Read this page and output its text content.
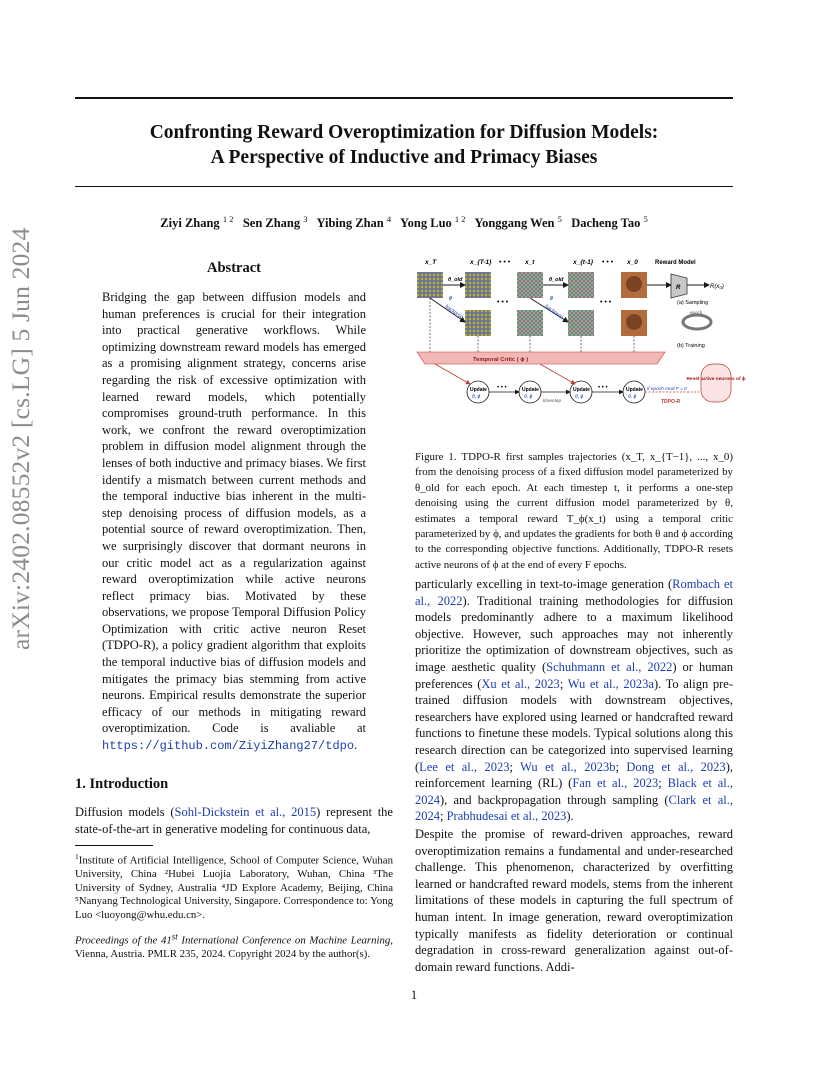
arXiv:2402.08552v2 [cs.LG] 5 Jun 2024
Confronting Reward Overoptimization for Diffusion Models:
A Perspective of Inductive and Primacy Biases
Ziyi Zhang $^{1 2}$ Sen Zhang $^3$ Yibing Zhan $^4$ Yong Luo $^{1 2}$ Yonggang Wen $^5$ Dacheng Tao $^5$
Abstract

Bridging the gap between diffusion models and human preferences is crucial for their integration into practical generative workflows. While optimizing downstream reward models has emerged as a promising alignment strategy, concerns arise regarding the risk of excessive optimization with learned reward models, which potentially compromises ground-truth performance. In this work, we confront the reward overoptimization problem in diffusion model alignment through the lenses of both inductive and primacy biases. We first identify a mismatch between current methods and the temporal inductive bias inherent in the multi-step denoising process of diffusion models, as a potential source of reward overoptimization. Then, we surprisingly discover that dormant neurons in our critic model act as a regularization against reward overoptimization while active neurons reflect primacy bias. Motivated by these observations, we propose Temporal Diffusion Policy Optimization with critic active neuron Reset (TDPO-R), a policy gradient algorithm that exploits the temporal inductive bias of diffusion models and mitigates the primacy bias stemming from active neurons. Empirical results demonstrate the superior efficacy of our methods in mitigating reward overoptimization. Code is avaliable at https://github.com/ZiyiZhang27/tdpo.

1. Introduction

Diffusion models (Sohl-Dickstein et al., 2015) represent the state-of-the-art in generative modeling for continuous data,

$^1$Institute of Artificial Intelligence, School of Computer Science, Wuhan University, China ²Hubei Luojia Laboratory, Wuhan, China ³The University of Sydney, Australia ⁴JD Explore Academy, Beijing, China ⁵Nanyang Technological University, Singapore. Correspondence to: Yong Luo <luoyong@whu.edu.cn>.
Proceedings of the 41st International Conference on Machine Learning, Vienna, Austria. PMLR 235, 2024. Copyright 2024 by the author(s).
x_T	x_{T-1} • • • x_t	x_{t-1} • • • x_0	Reward Model
θ_old	θ_old
R	R(x₀)
(a) Sampling
epoch
(b) Training
• • •	• • •
backprop	backprop
θ	θ
Temporal Critic ( ϕ )
Update
θ, ϕ
Update
θ, ϕ
Update
θ, ϕ
Update
θ, ϕ
• • •	• • •
timestep
Reset active neurons of ϕ
if epoch mod F = 0
TDPO-R
Figure 1. TDPO-R first samples trajectories (x_T, x_{T−1}, ..., x_0) from the denoising process of a fixed diffusion model parameterized by θ_old for each epoch. At each timestep t, it performs a one-step denoising using the current diffusion model parameterized by θ, estimates a temporal reward T_ϕ(x_t) using a temporal critic parameterized by ϕ, and updates the gradients for both θ and ϕ according to the corresponding objective functions. Additionally, TDPO-R resets active neurons of ϕ at the end of every F epochs.

particularly excelling in text-to-image generation (Rombach et al., 2022). Traditional training methodologies for diffusion models predominantly adhere to a maximum likelihood objective. However, such approaches may not inherently prioritize the optimization of downstream objectives, such as image aesthetic quality (Schuhmann et al., 2022) or human preferences (Xu et al., 2023; Wu et al., 2023a). To align pre-trained diffusion models with downstream objectives, researchers have explored using learned or handcrafted reward functions to finetune these models. Typical solutions along this research direction can be categorized into supervised learning (Lee et al., 2023; Wu et al., 2023b; Dong et al., 2023), reinforcement learning (RL) (Fan et al., 2023; Black et al., 2024), and backpropagation through sampling (Clark et al., 2024; Prabhudesai et al., 2023).

Despite the promise of reward-driven approaches, reward overoptimization remains a fundamental and under-researched challenge. This phenomenon, characterized by overfitting learned or handcrafted reward models, stems from the inherent limitations of these models in capturing the full spectrum of human intent. In image generation, reward overoptimization typically manifests as fidelity deterioration or continual degradation in cross-reward generalization against out-of-domain reward functions. Addi-

1
